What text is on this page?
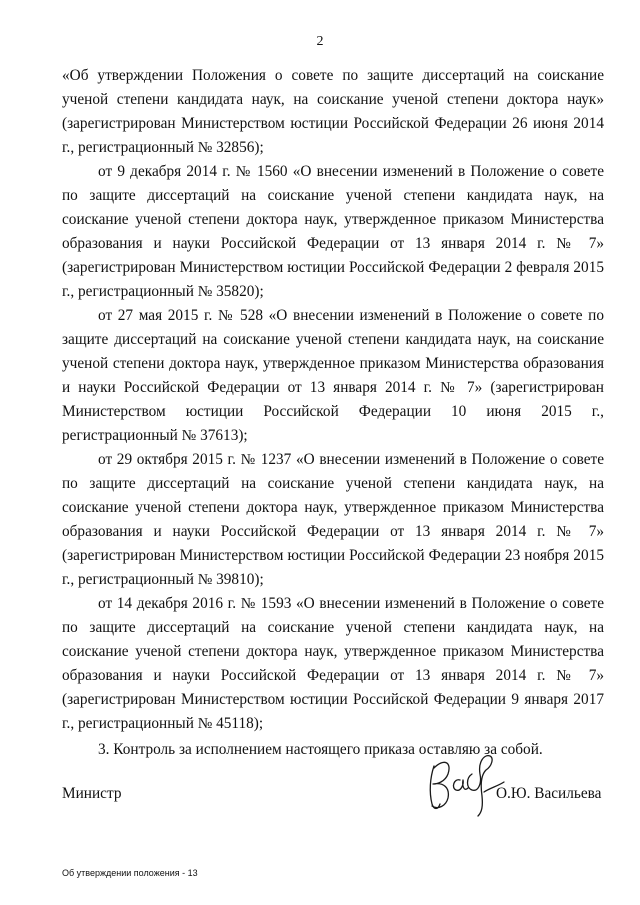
2

«Об утверждении Положения о совете по защите диссертаций на соискание ученой степени кандидата наук, на соискание ученой степени доктора наук» (зарегистрирован Министерством юстиции Российской Федерации 26 июня 2014 г., регистрационный № 32856);

от 9 декабря 2014 г. № 1560 «О внесении изменений в Положение о совете по защите диссертаций на соискание ученой степени кандидата наук, на соискание ученой степени доктора наук, утвержденное приказом Министерства образования и науки Российской Федерации от 13 января 2014 г. № 7» (зарегистрирован Министерством юстиции Российской Федерации 2 февраля 2015 г., регистрационный № 35820);

от 27 мая 2015 г. № 528 «О внесении изменений в Положение о совете по защите диссертаций на соискание ученой степени кандидата наук, на соискание ученой степени доктора наук, утвержденное приказом Министерства образования и науки Российской Федерации от 13 января 2014 г. № 7» (зарегистрирован Министерством юстиции Российской Федерации 10 июня 2015 г., регистрационный № 37613);

от 29 октября 2015 г. № 1237 «О внесении изменений в Положение о совете по защите диссертаций на соискание ученой степени кандидата наук, на соискание ученой степени доктора наук, утвержденное приказом Министерства образования и науки Российской Федерации от 13 января 2014 г. № 7» (зарегистрирован Министерством юстиции Российской Федерации 23 ноября 2015 г., регистрационный № 39810);

от 14 декабря 2016 г. № 1593 «О внесении изменений в Положение о совете по защите диссертаций на соискание ученой степени кандидата наук, на соискание ученой степени доктора наук, утвержденное приказом Министерства образования и науки Российской Федерации от 13 января 2014 г. № 7» (зарегистрирован Министерством юстиции Российской Федерации 9 января 2017 г., регистрационный № 45118);

3. Контроль за исполнением настоящего приказа оставляю за собой.

Министр	О.Ю. Васильева
Об утверждении положения - 13
